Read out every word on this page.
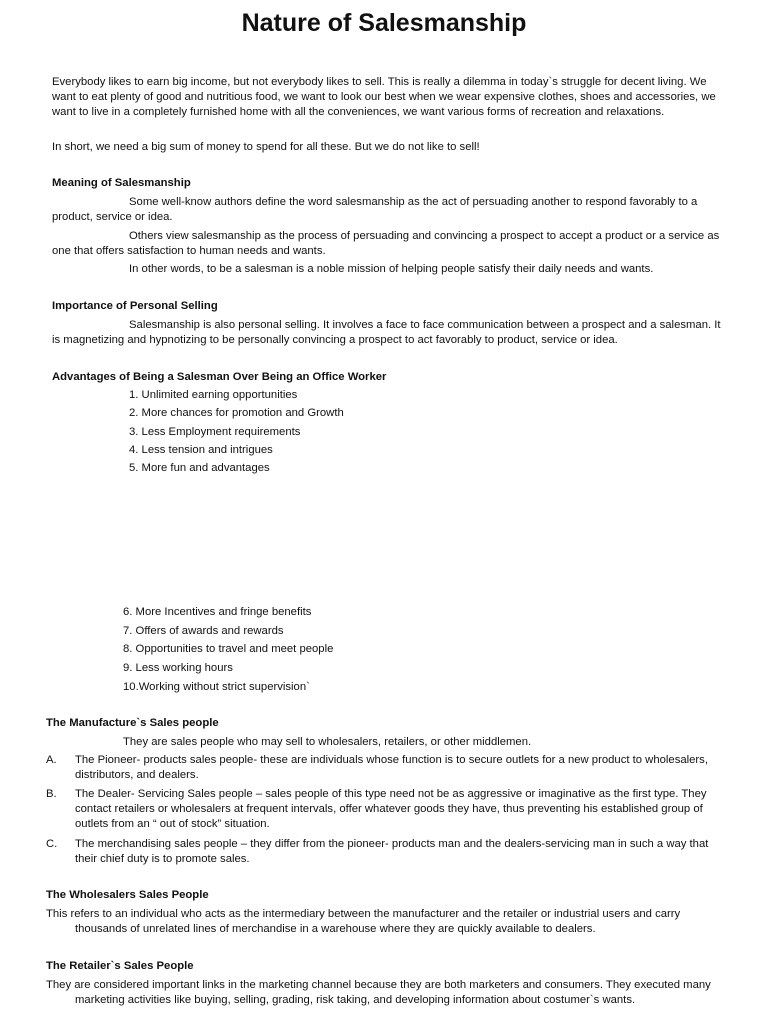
Nature of Salesmanship

Everybody likes to earn big income, but not everybody likes to sell. This is really a dilemma in today`s struggle for decent living. We want to eat plenty of good and nutritious food, we want to look our best when we wear expensive clothes, shoes and accessories, we want to live in a completely furnished home with all the conveniences, we want various forms of recreation and relaxations.

In short, we need a big sum of money to spend for all these. But we do not like to sell!

Meaning of Salesmanship

Some well-know authors define the word salesmanship as the act of persuading another to respond favorably to a product, service or idea.

Others view salesmanship as the process of persuading and convincing a prospect to accept a product or a service as one that offers satisfaction to human needs and wants.

In other words, to be a salesman is a noble mission of helping people satisfy their daily needs and wants.

Importance of Personal Selling

Salesmanship is also personal selling. It involves a face to face communication between a prospect and a salesman. It is magnetizing and hypnotizing to be personally convincing a prospect to act favorably to product, service or idea.

Advantages of Being a Salesman Over Being an Office Worker

1. Unlimited earning opportunities

2. More chances for promotion and Growth

3. Less Employment requirements

4. Less tension and intrigues

5. More fun and advantages

6. More Incentives and fringe benefits

7. Offers of awards and rewards

8. Opportunities to travel and meet people

9. Less working hours

10.Working without strict supervision`

The Manufacture`s Sales people

They are sales people who may sell to wholesalers, retailers, or other middlemen.

A. The Pioneer- products sales people- these are individuals whose function is to secure outlets for a new product to wholesalers, distributors, and dealers.
B. The Dealer- Servicing Sales people – sales people of this type need not be as aggressive or imaginative as the first type. They contact retailers or wholesalers at frequent intervals, offer whatever goods they have, thus preventing his established group of outlets from an “ out of stock” situation.
C. The merchandising sales people – they differ from the pioneer- products man and the dealers-servicing man in such a way that their chief duty is to promote sales.

The Wholesalers Sales People

This refers to an individual who acts as the intermediary between the manufacturer and the retailer or industrial users and carry thousands of unrelated lines of merchandise in a warehouse where they are quickly available to dealers.

The Retailer`s Sales People

They are considered important links in the marketing channel because they are both marketers and consumers. They executed many marketing activities like buying, selling, grading, risk taking, and developing information about costumer`s wants.
